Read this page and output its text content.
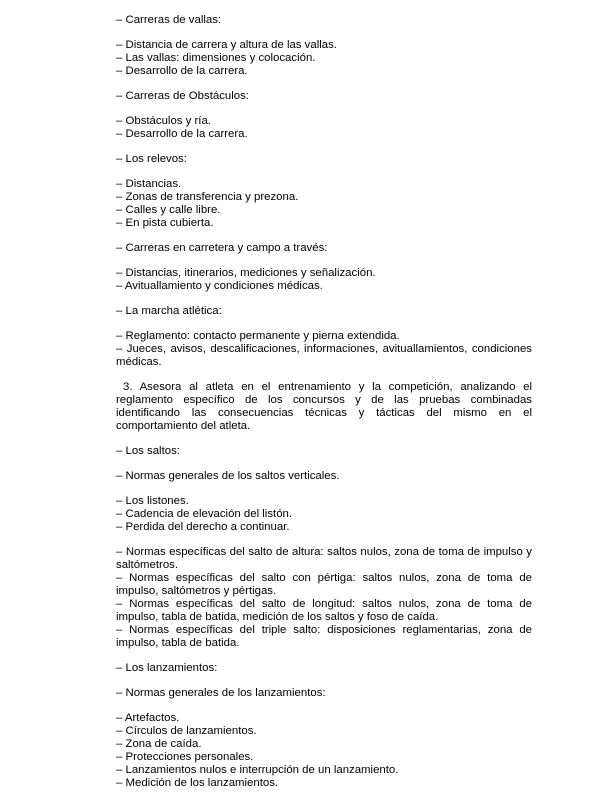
– Carreras de vallas:

– Distancia de carrera y altura de las vallas.

– Las vallas: dimensiones y colocación.

– Desarrollo de la carrera.

– Carreras de Obstáculos:

– Obstáculos y ría.

– Desarrollo de la carrera.

– Los relevos:

– Distancias.

– Zonas de transferencia y prezona.

– Calles y calle libre.

– En pista cubierta.

– Carreras en carretera y campo a través:

– Distancias, itinerarios, mediciones y señalización.

– Avituallamiento y condiciones médicas.

– La marcha atlética:

– Reglamento: contacto permanente y pierna extendida.

– Jueces, avisos, descalificaciones, informaciones, avituallamientos, condiciones médicas.

3. Asesora al atleta en el entrenamiento y la competición, analizando el reglamento específico de los concursos y de las pruebas combinadas identificando las consecuencias técnicas y tácticas del mismo en el comportamiento del atleta.

– Los saltos:

– Normas generales de los saltos verticales.

– Los listones.

– Cadencia de elevación del listón.

– Perdida del derecho a continuar.

– Normas específicas del salto de altura: saltos nulos, zona de toma de impulso y saltómetros.

– Normas específicas del salto con pértiga: saltos nulos, zona de toma de impulso, saltómetros y pértigas.

– Normas específicas del salto de longitud: saltos nulos, zona de toma de impulso, tabla de batida, medición de los saltos y foso de caída.

– Normas específicas del triple salto: disposiciones reglamentarias, zona de impulso, tabla de batida.

– Los lanzamientos:

– Normas generales de los lanzamientos:

– Artefactos.

– Círculos de lanzamientos.

– Zona de caída.

– Protecciones personales.

– Lanzamientos nulos e interrupción de un lanzamiento.

– Medición de los lanzamientos.
